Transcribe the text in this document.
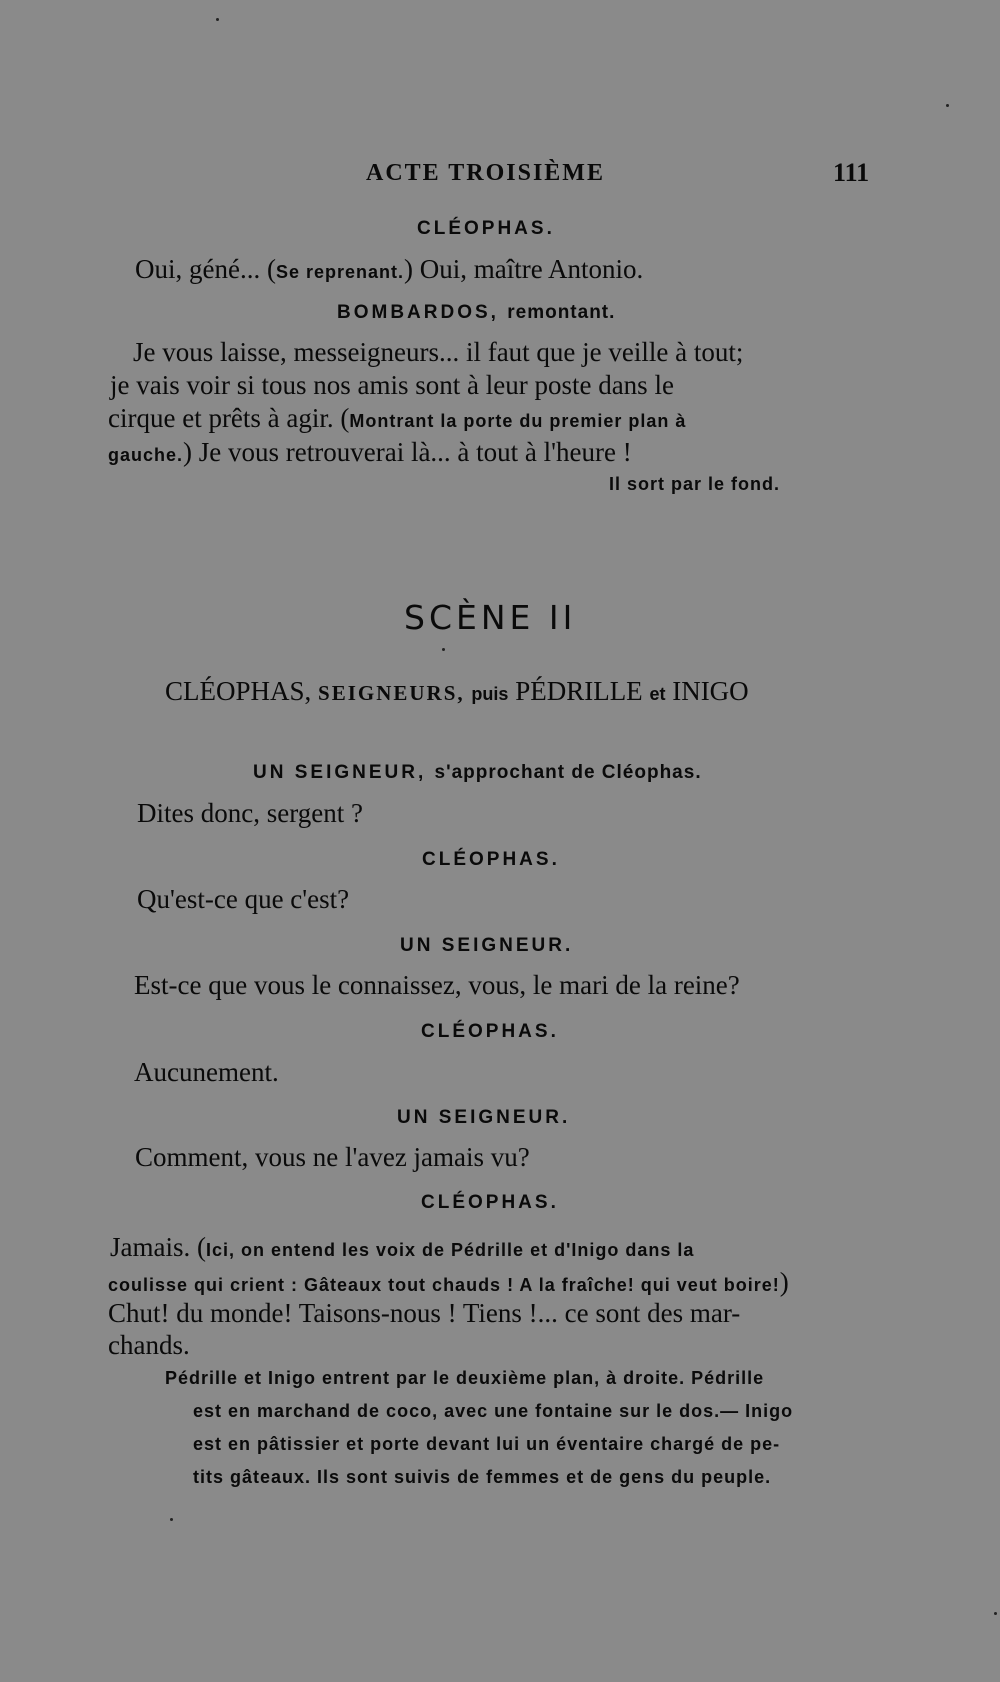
ACTE TROISIÈME	111
CLÉOPHAS.
Oui, géné... (Se reprenant.) Oui, maître Antonio.
BOMBARDOS, remontant.
Je vous laisse, messeigneurs... il faut que je veille à tout;
je vais voir si tous nos amis sont à leur poste dans le
cirque et prêts à agir. (Montrant la porte du premier plan à
gauche.) Je vous retrouverai là... à tout à l'heure !
Il sort par le fond.
SCÈNE II
CLÉOPHAS, SEIGNEURS, puis PÉDRILLE et INIGO
UN SEIGNEUR, s'approchant de Cléophas.
Dites donc, sergent ?
CLÉOPHAS.
Qu'est-ce que c'est?
UN SEIGNEUR.
Est-ce que vous le connaissez, vous, le mari de la reine?
CLÉOPHAS.
Aucunement.
UN SEIGNEUR.
Comment, vous ne l'avez jamais vu?
CLÉOPHAS.
Jamais. (Ici, on entend les voix de Pédrille et d'Inigo dans la
coulisse qui crient : Gâteaux tout chauds ! A la fraîche! qui veut boire!)
Chut! du monde! Taisons-nous ! Tiens !... ce sont des mar-
chands.
Pédrille et Inigo entrent par le deuxième plan, à droite. Pédrille
est en marchand de coco, avec une fontaine sur le dos.— Inigo
est en pâtissier et porte devant lui un éventaire chargé de pe-
tits gâteaux. Ils sont suivis de femmes et de gens du peuple.
